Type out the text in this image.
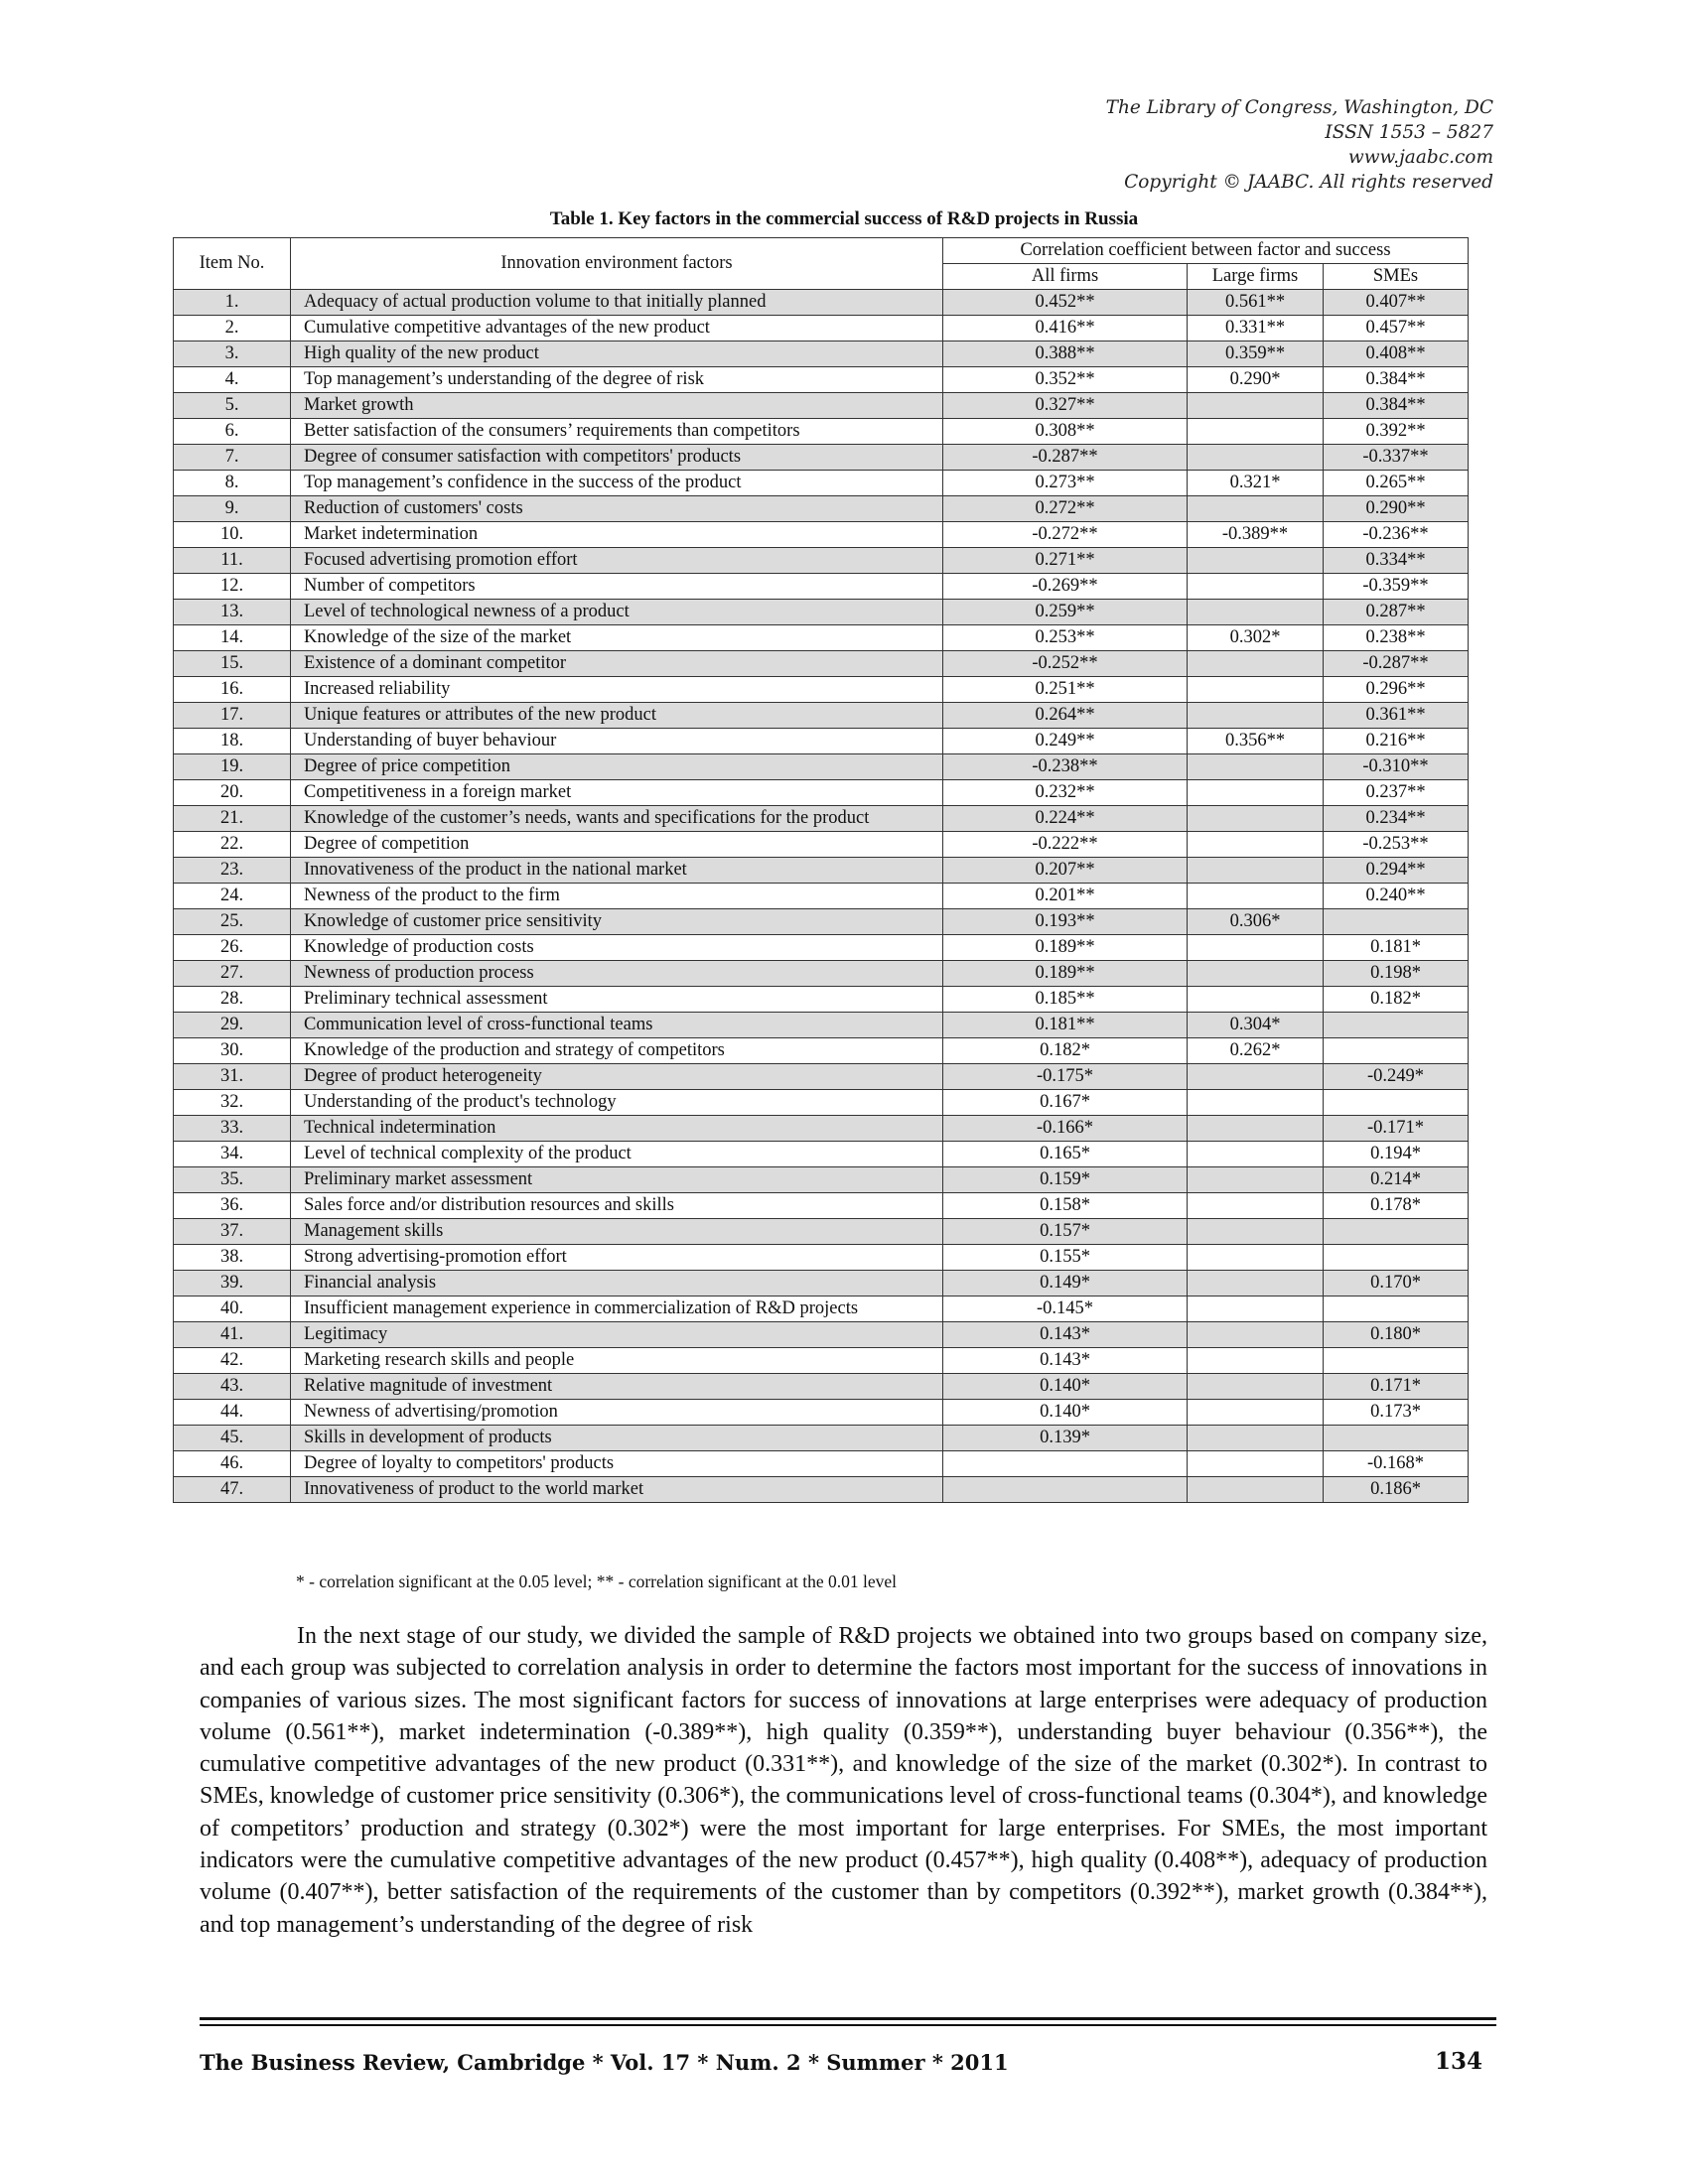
The Library of Congress, Washington, DC
ISSN 1553 – 5827
www.jaabc.com
Copyright © JAABC. All rights reserved
Table 1. Key factors in the commercial success of R&D projects in Russia
Item No.	Innovation environment factors	Correlation coefficient between factor and success		
		All firms	Large firms	SMEs
1.	Adequacy of actual production volume to that initially planned	0.452**	0.561**	0.407**
2.	Cumulative competitive advantages of the new product	0.416**	0.331**	0.457**
3.	High quality of the new product	0.388**	0.359**	0.408**
4.	Top management’s understanding of the degree of risk	0.352**	0.290*	0.384**
5.	Market growth	0.327**		0.384**
6.	Better satisfaction of the consumers’ requirements than competitors	0.308**		0.392**
7.	Degree of consumer satisfaction with competitors' products	-0.287**		-0.337**
8.	Top management’s confidence in the success of the product	0.273**	0.321*	0.265**
9.	Reduction of customers' costs	0.272**		0.290**
10.	Market indetermination	-0.272**	-0.389**	-0.236**
11.	Focused advertising promotion effort	0.271**		0.334**
12.	Number of competitors	-0.269**		-0.359**
13.	Level of technological newness of a product	0.259**		0.287**
14.	Knowledge of the size of the market	0.253**	0.302*	0.238**
15.	Existence of a dominant competitor	-0.252**		-0.287**
16.	Increased reliability	0.251**		0.296**
17.	Unique features or attributes of the new product	0.264**		0.361**
18.	Understanding of buyer behaviour	0.249**	0.356**	0.216**
19.	Degree of price competition	-0.238**		-0.310**
20.	Competitiveness in a foreign market	0.232**		0.237**
21.	Knowledge of the customer’s needs, wants and specifications for the product	0.224**		0.234**
22.	Degree of competition	-0.222**		-0.253**
23.	Innovativeness of the product in the national market	0.207**		0.294**
24.	Newness of the product to the firm	0.201**		0.240**
25.	Knowledge of customer price sensitivity	0.193**	0.306*	
26.	Knowledge of production costs	0.189**		0.181*
27.	Newness of production process	0.189**		0.198*
28.	Preliminary technical assessment	0.185**		0.182*
29.	Communication level of cross-functional teams	0.181**	0.304*	
30.	Knowledge of the production and strategy of competitors	0.182*	0.262*	
31.	Degree of product heterogeneity	-0.175*		-0.249*
32.	Understanding of the product's technology	0.167*		
33.	Technical indetermination	-0.166*		-0.171*
34.	Level of technical complexity of the product	0.165*		0.194*
35.	Preliminary market assessment	0.159*		0.214*
36.	Sales force and/or distribution resources and skills	0.158*		0.178*
37.	Management skills	0.157*		
38.	Strong advertising-promotion effort	0.155*		
39.	Financial analysis	0.149*		0.170*
40.	Insufficient management experience in commercialization of R&D projects	-0.145*		
41.	Legitimacy	0.143*		0.180*
42.	Marketing research skills and people	0.143*		
43.	Relative magnitude of investment	0.140*		0.171*
44.	Newness of advertising/promotion	0.140*		0.173*
45.	Skills in development of products	0.139*		
46.	Degree of loyalty to competitors' products			-0.168*
47.	Innovativeness of product to the world market			0.186*
* - correlation significant at the 0.05 level; ** - correlation significant at the 0.01 level

In the next stage of our study, we divided the sample of R&D projects we obtained into two groups based on company size, and each group was subjected to correlation analysis in order to determine the factors most important for the success of innovations in companies of various sizes. The most significant factors for success of innovations at large enterprises were adequacy of production volume (0.561**), market indetermination (-0.389**), high quality (0.359**), understanding buyer behaviour (0.356**), the cumulative competitive advantages of the new product (0.331**), and knowledge of the size of the market (0.302*). In contrast to SMEs, knowledge of customer price sensitivity (0.306*), the communications level of cross-functional teams (0.304*), and knowledge of competitors’ production and strategy (0.302*) were the most important for large enterprises. For SMEs, the most important indicators were the cumulative competitive advantages of the new product (0.457**), high quality (0.408**), adequacy of production volume (0.407**), better satisfaction of the requirements of the customer than by competitors (0.392**), market growth (0.384**), and top management’s understanding of the degree of risk

The Business Review, Cambridge * Vol. 17 * Num. 2 * Summer * 2011	134
